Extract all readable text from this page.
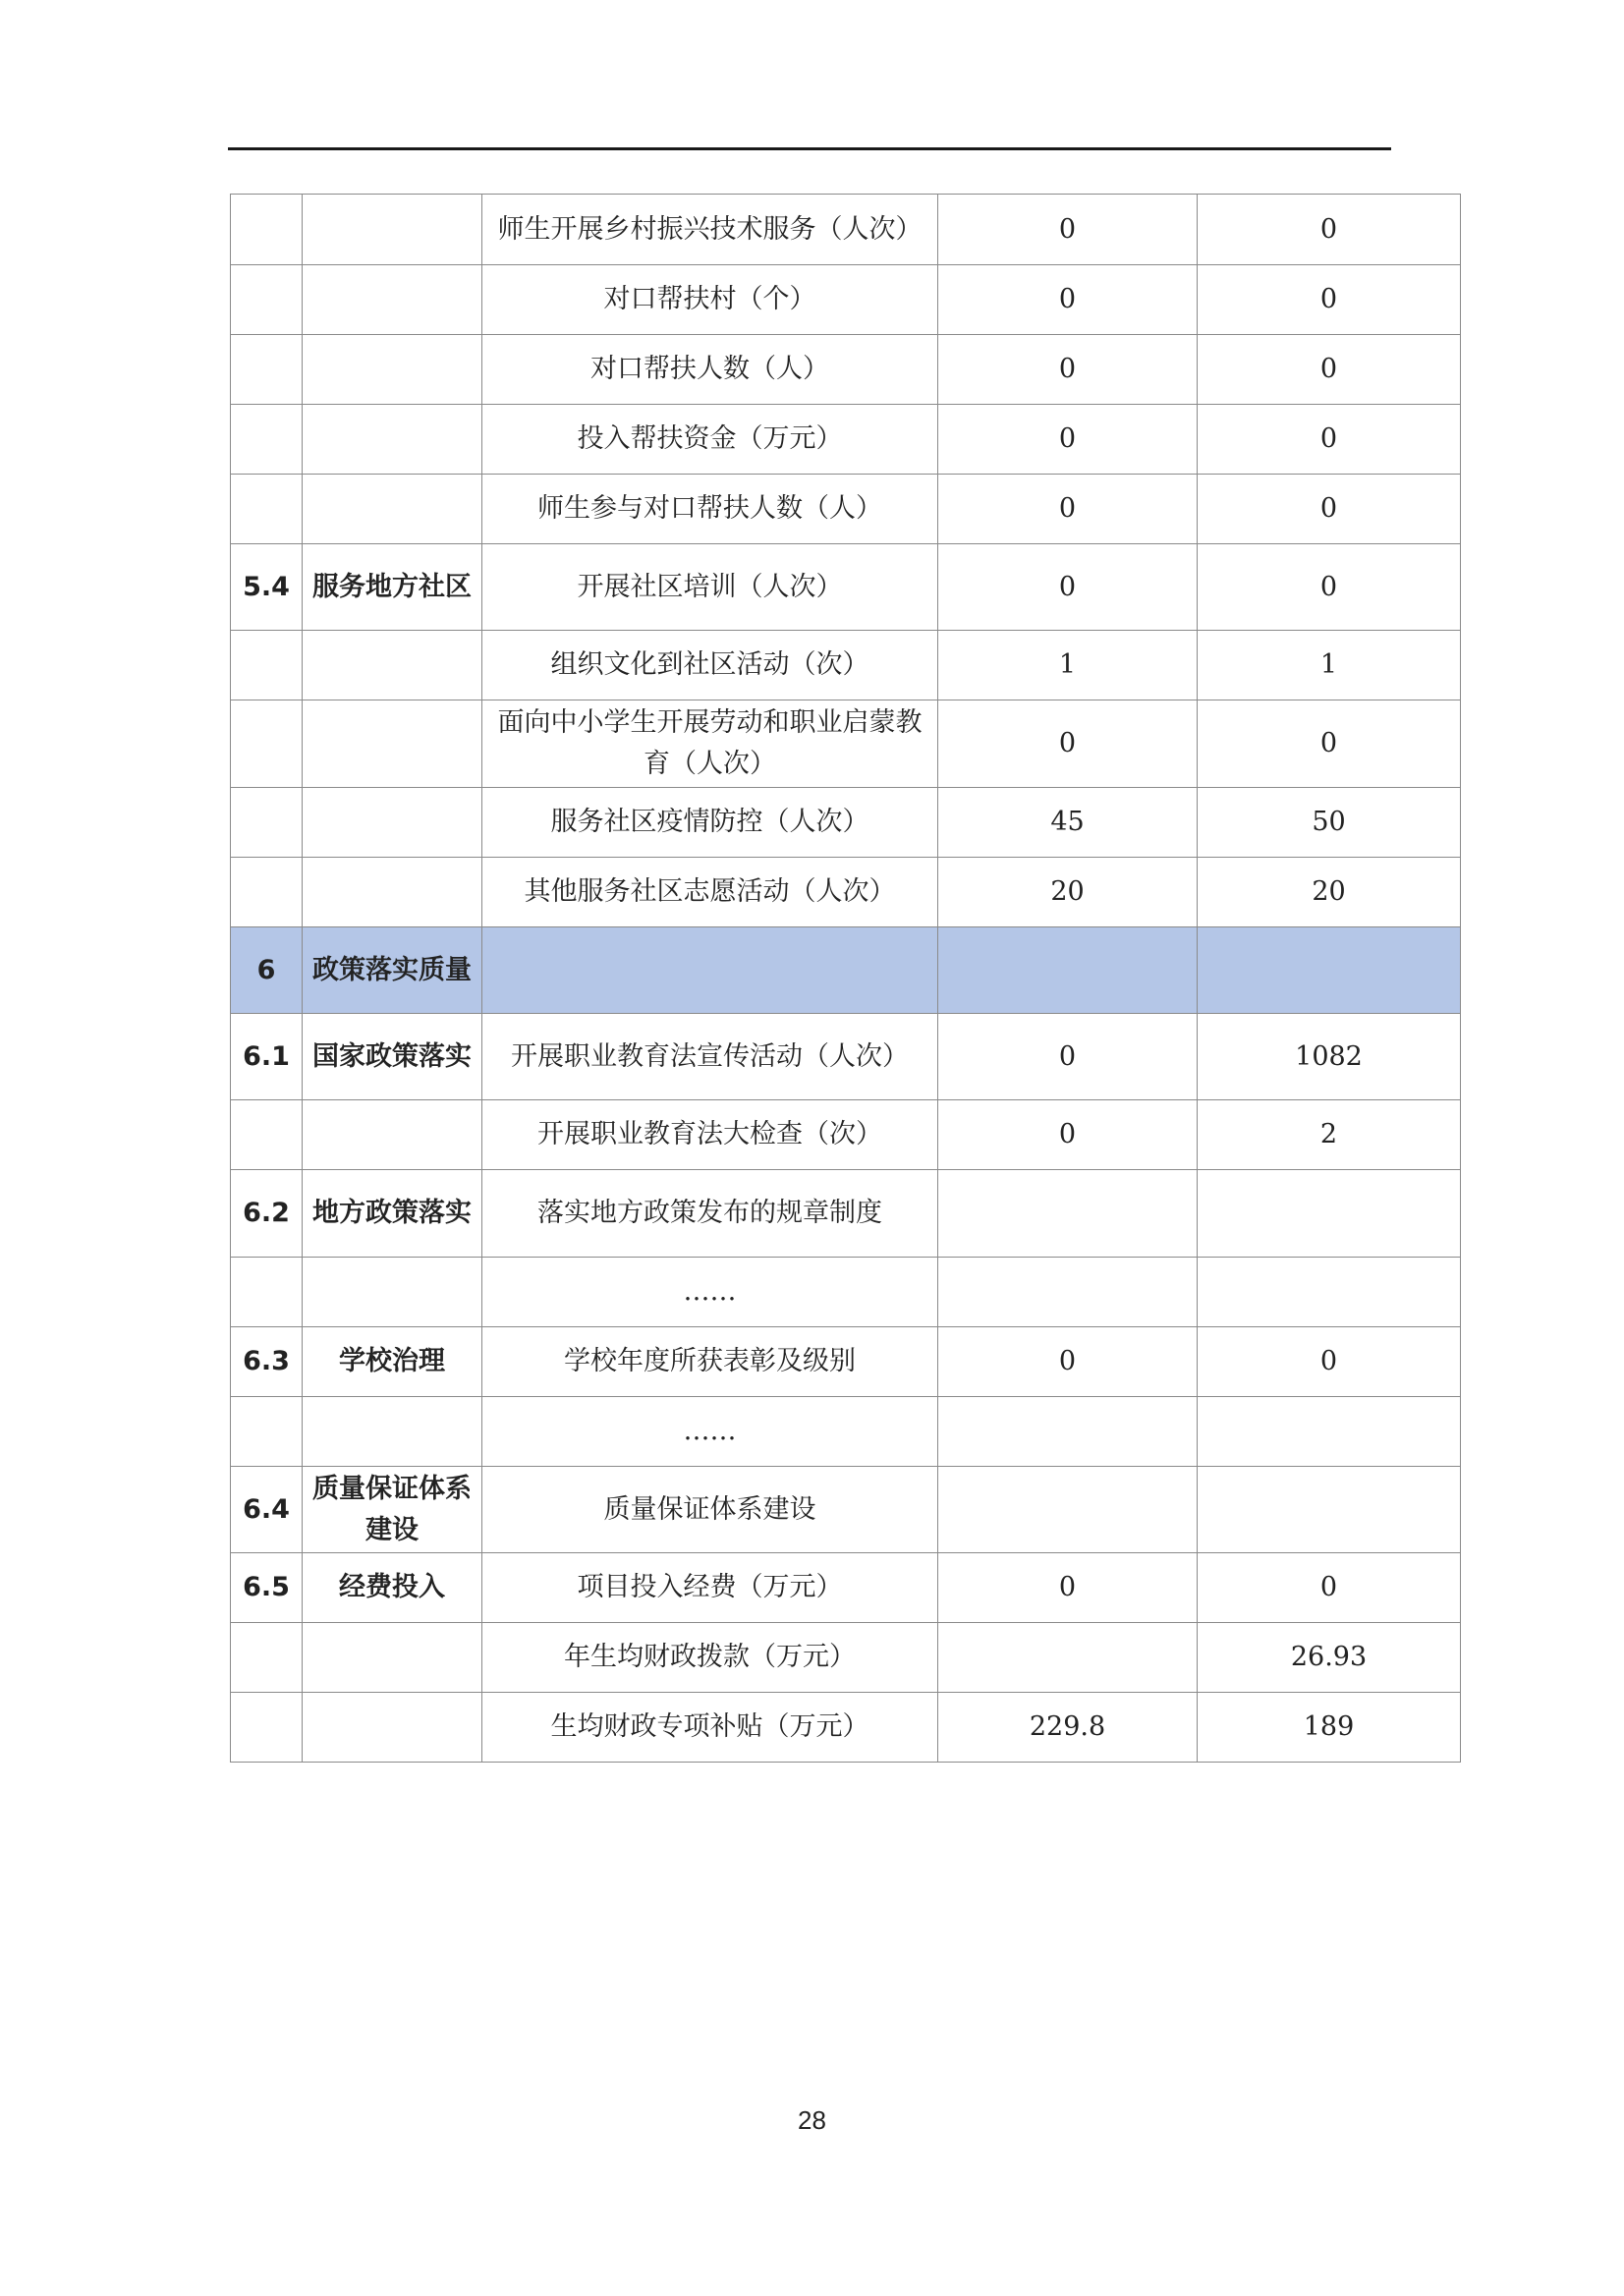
		师生开展乡村振兴技术服务（人次）	0	0
		对口帮扶村（个）	0	0
		对口帮扶人数（人）	0	0
		投入帮扶资金（万元）	0	0
		师生参与对口帮扶人数（人）	0	0
5.4	服务地方社区	开展社区培训（人次）	0	0
		组织文化到社区活动（次）	1	1
		面向中小学生开展劳动和职业启蒙教育（人次）	0	0
		服务社区疫情防控（人次）	45	50
		其他服务社区志愿活动（人次）	20	20
6	政策落实质量			
6.1	国家政策落实	开展职业教育法宣传活动（人次）	0	1082
		开展职业教育法大检查（次）	0	2
6.2	地方政策落实	落实地方政策发布的规章制度		
		……		
6.3	学校治理	学校年度所获表彰及级别	0	0
		……		
6.4	质量保证体系建设	质量保证体系建设		
6.5	经费投入	项目投入经费（万元）	0	0
		年生均财政拨款（万元）		26.93
		生均财政专项补贴（万元）	229.8	189
28
